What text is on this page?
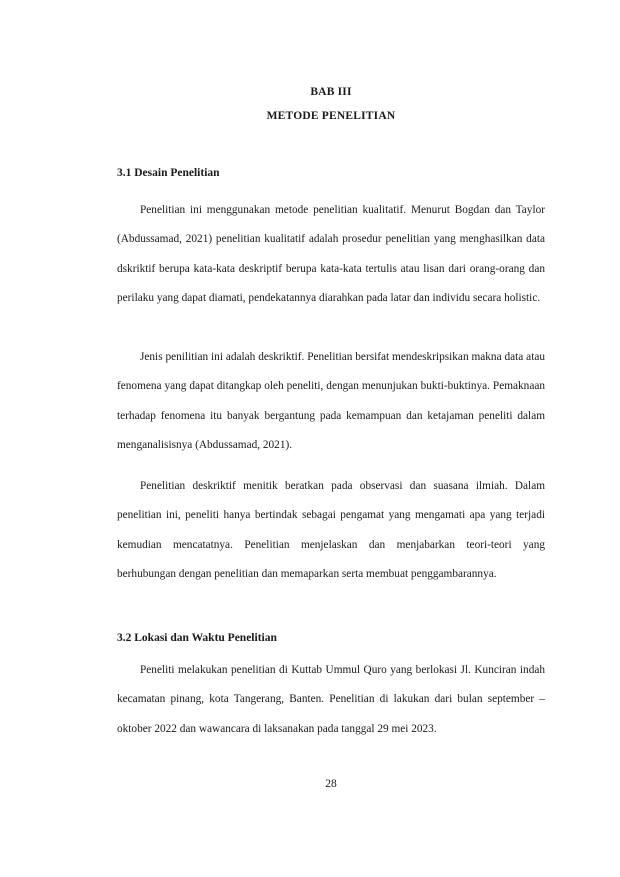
BAB III
METODE PENELITIAN
3.1 Desain Penelitian

Penelitian ini menggunakan metode penelitian kualitatif. Menurut Bogdan dan Taylor (Abdussamad, 2021) penelitian kualitatif adalah prosedur penelitian yang menghasilkan data dskriktif berupa kata-kata deskriptif berupa kata-kata tertulis atau lisan dari orang-orang dan perilaku yang dapat diamati, pendekatannya diarahkan pada latar dan individu secara holistic.

Jenis penilitian ini adalah deskriktif. Penelitian bersifat mendeskripsikan makna data atau fenomena yang dapat ditangkap oleh peneliti, dengan menunjukan bukti-buktinya. Pemaknaan terhadap fenomena itu banyak bergantung pada kemampuan dan ketajaman peneliti dalam menganalisisnya (Abdussamad, 2021).

Penelitian deskriktif menitik beratkan pada observasi dan suasana ilmiah. Dalam penelitian ini, peneliti hanya bertindak sebagai pengamat yang mengamati apa yang terjadi kemudian mencatatnya. Penelitian menjelaskan dan menjabarkan teori-teori yang berhubungan dengan penelitian dan memaparkan serta membuat penggambarannya.

3.2 Lokasi dan Waktu Penelitian

Peneliti melakukan penelitian di Kuttab Ummul Quro yang berlokasi Jl. Kunciran indah kecamatan pinang, kota Tangerang, Banten. Penelitian di lakukan dari bulan september – oktober 2022 dan wawancara di laksanakan pada tanggal 29 mei 2023.

28
